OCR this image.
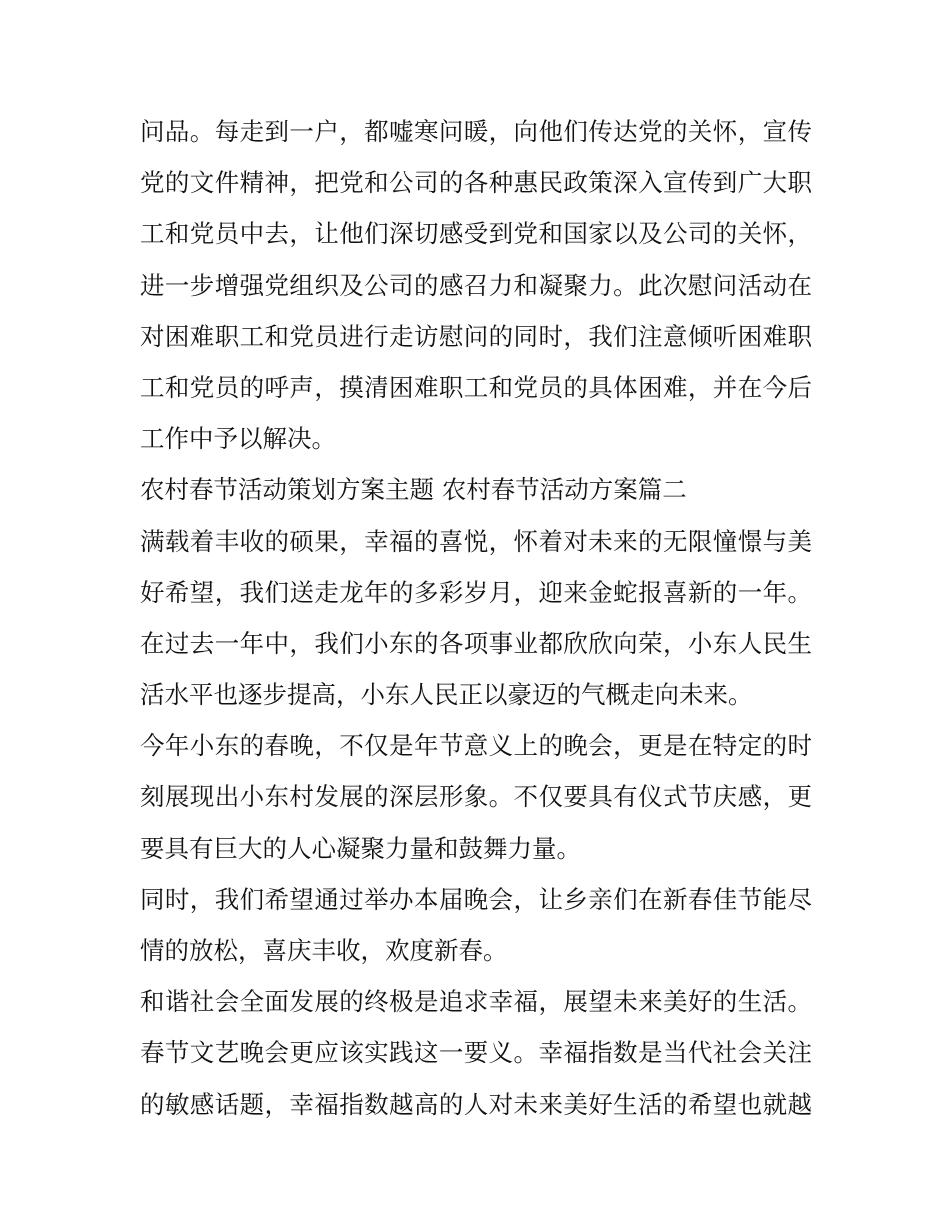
问品。每走到一户，都嘘寒问暖，向他们传达党的关怀，宣传
党的文件精神，把党和公司的各种惠民政策深入宣传到广大职
工和党员中去，让他们深切感受到党和国家以及公司的关怀，
进一步增强党组织及公司的感召力和凝聚力。此次慰问活动在
对困难职工和党员进行走访慰问的同时，我们注意倾听困难职
工和党员的呼声，摸清困难职工和党员的具体困难，并在今后
工作中予以解决。
农村春节活动策划方案主题 农村春节活动方案篇二
满载着丰收的硕果，幸福的喜悦，怀着对未来的无限憧憬与美
好希望，我们送走龙年的多彩岁月，迎来金蛇报喜新的一年。
在过去一年中，我们小东的各项事业都欣欣向荣，小东人民生
活水平也逐步提高，小东人民正以豪迈的气概走向未来。
今年小东的春晚，不仅是年节意义上的晚会，更是在特定的时
刻展现出小东村发展的深层形象。不仅要具有仪式节庆感，更
要具有巨大的人心凝聚力量和鼓舞力量。
同时，我们希望通过举办本届晚会，让乡亲们在新春佳节能尽
情的放松，喜庆丰收，欢度新春。
和谐社会全面发展的终极是追求幸福，展望未来美好的生活。
春节文艺晚会更应该实践这一要义。幸福指数是当代社会关注
的敏感话题，幸福指数越高的人对未来美好生活的希望也就越
